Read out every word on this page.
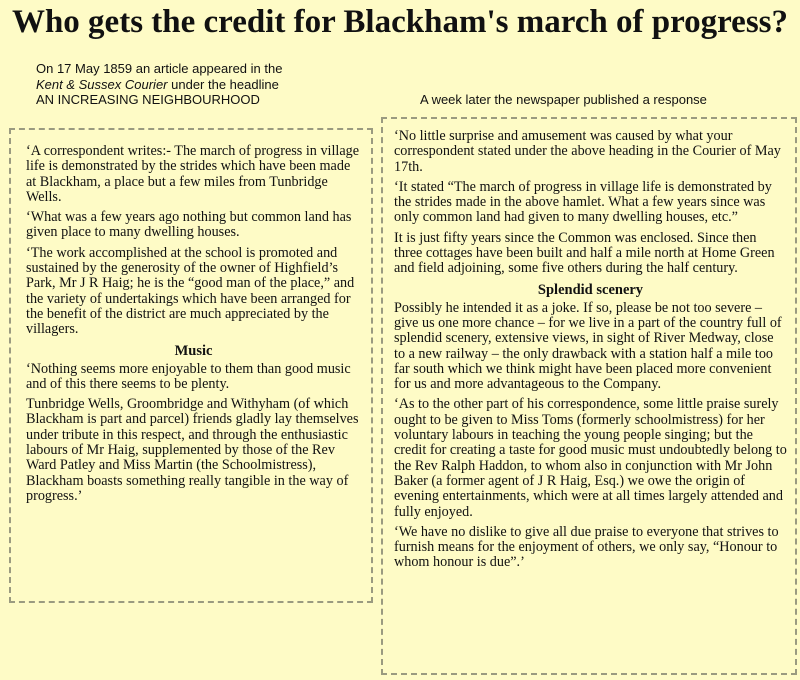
Who gets the credit for Blackham's march of progress?
On 17 May 1859 an article appeared in the
Kent & Sussex Courier under the headline
AN INCREASING NEIGHBOURHOOD	A week later the newspaper published a response

‘A correspondent writes:- The march of progress in village life is demonstrated by the strides which have been made at Blackham, a place but a few miles from Tunbridge Wells.

‘What was a few years ago nothing but common land has given place to many dwelling houses.

‘The work accomplished at the school is promoted and sustained by the generosity of the owner of Highfield’s Park, Mr J R Haig; he is the “good man of the place,” and the variety of undertakings which have been arranged for the benefit of the district are much appreciated by the villagers.

Music

‘Nothing seems more enjoyable to them than good music and of this there seems to be plenty.

Tunbridge Wells, Groombridge and Withyham (of which Blackham is part and parcel) friends gladly lay themselves under tribute in this respect, and through the enthusiastic labours of Mr Haig, supplemented by those of the Rev Ward Patley and Miss Martin (the Schoolmistress), Blackham boasts something really tangible in the way of progress.’

‘No little surprise and amusement was caused by what your correspondent stated under the above heading in the Courier of May 17th.

‘It stated “The march of progress in village life is demonstrated by the strides made in the above hamlet. What a few years since was only common land had given to many dwelling houses, etc.”

It is just fifty years since the Common was enclosed. Since then three cottages have been built and half a mile north at Home Green and field adjoining, some five others during the half century.

Splendid scenery

Possibly he intended it as a joke. If so, please be not too severe – give us one more chance – for we live in a part of the country full of splendid scenery, extensive views, in sight of River Medway, close to a new railway – the only drawback with a station half a mile too far south which we think might have been placed more convenient for us and more advantageous to the Company.

‘As to the other part of his correspondence, some little praise surely ought to be given to Miss Toms (formerly schoolmistress) for her voluntary labours in teaching the young people singing; but the credit for creating a taste for good music must undoubtedly belong to the Rev Ralph Haddon, to whom also in conjunction with Mr John Baker (a former agent of J R Haig, Esq.) we owe the origin of evening entertainments, which were at all times largely attended and fully enjoyed.

‘We have no dislike to give all due praise to everyone that strives to furnish means for the enjoyment of others, we only say, “Honour to whom honour is due”.’
